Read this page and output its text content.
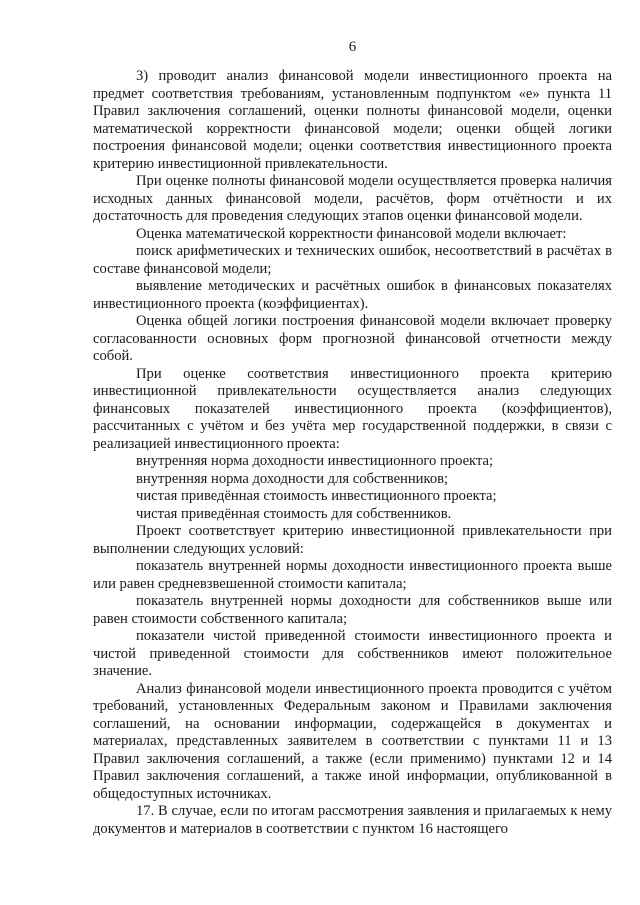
6

3) проводит анализ финансовой модели инвестиционного проекта на предмет соответствия требованиям, установленным подпунктом «е» пункта 11 Правил заключения соглашений, оценки полноты финансовой модели, оценки математической корректности финансовой модели; оценки общей логики построения финансовой модели; оценки соответствия инвестиционного проекта критерию инвестиционной привлекательности.

При оценке полноты финансовой модели осуществляется проверка наличия исходных данных финансовой модели, расчётов, форм отчётности и их достаточность для проведения следующих этапов оценки финансовой модели.

Оценка математической корректности финансовой модели включает:

поиск арифметических и технических ошибок, несоответствий в расчётах в составе финансовой модели;

выявление методических и расчётных ошибок в финансовых показателях инвестиционного проекта (коэффициентах).

Оценка общей логики построения финансовой модели включает проверку согласованности основных форм прогнозной финансовой отчетности между собой.

При оценке соответствия инвестиционного проекта критерию инвестиционной привлекательности осуществляется анализ следующих финансовых показателей инвестиционного проекта (коэффициентов), рассчитанных с учётом и без учёта мер государственной поддержки, в связи с реализацией инвестиционного проекта:

внутренняя норма доходности инвестиционного проекта;

внутренняя норма доходности для собственников;

чистая приведённая стоимость инвестиционного проекта;

чистая приведённая стоимость для собственников.

Проект соответствует критерию инвестиционной привлекательности при выполнении следующих условий:

показатель внутренней нормы доходности инвестиционного проекта выше или равен средневзвешенной стоимости капитала;

показатель внутренней нормы доходности для собственников выше или равен стоимости собственного капитала;

показатели чистой приведенной стоимости инвестиционного проекта и чистой приведенной стоимости для собственников имеют положительное значение.

Анализ финансовой модели инвестиционного проекта проводится с учётом требований, установленных Федеральным законом и Правилами заключения соглашений, на основании информации, содержащейся в документах и материалах, представленных заявителем в соответствии с пунктами 11 и 13 Правил заключения соглашений, а также (если применимо) пунктами 12 и 14 Правил заключения соглашений, а также иной информации, опубликованной в общедоступных источниках.

17. В случае, если по итогам рассмотрения заявления и прилагаемых к нему документов и материалов в соответствии с пунктом 16 настоящего
